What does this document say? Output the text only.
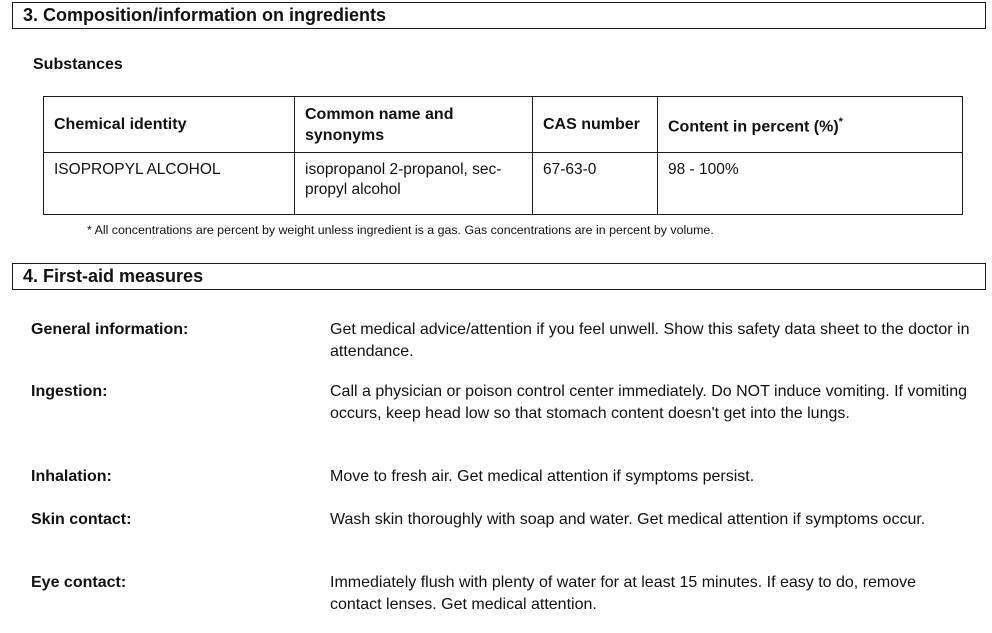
3. Composition/information on ingredients
Substances
Chemical identity	Common name and synonyms	CAS number	Content in percent (%)*
ISOPROPYL ALCOHOL	isopropanol 2-propanol, sec-propyl alcohol	67-63-0	98 - 100%
* All concentrations are percent by weight unless ingredient is a gas. Gas concentrations are in percent by volume.
4. First-aid measures
General information:	Get medical advice/attention if you feel unwell. Show this safety data sheet to the doctor in attendance.
Ingestion:	Call a physician or poison control center immediately. Do NOT induce vomiting. If vomiting occurs, keep head low so that stomach content doesn't get into the lungs.
Inhalation:	Move to fresh air. Get medical attention if symptoms persist.
Skin contact:	Wash skin thoroughly with soap and water. Get medical attention if symptoms occur.
Eye contact:	Immediately flush with plenty of water for at least 15 minutes. If easy to do, remove contact lenses. Get medical attention.
